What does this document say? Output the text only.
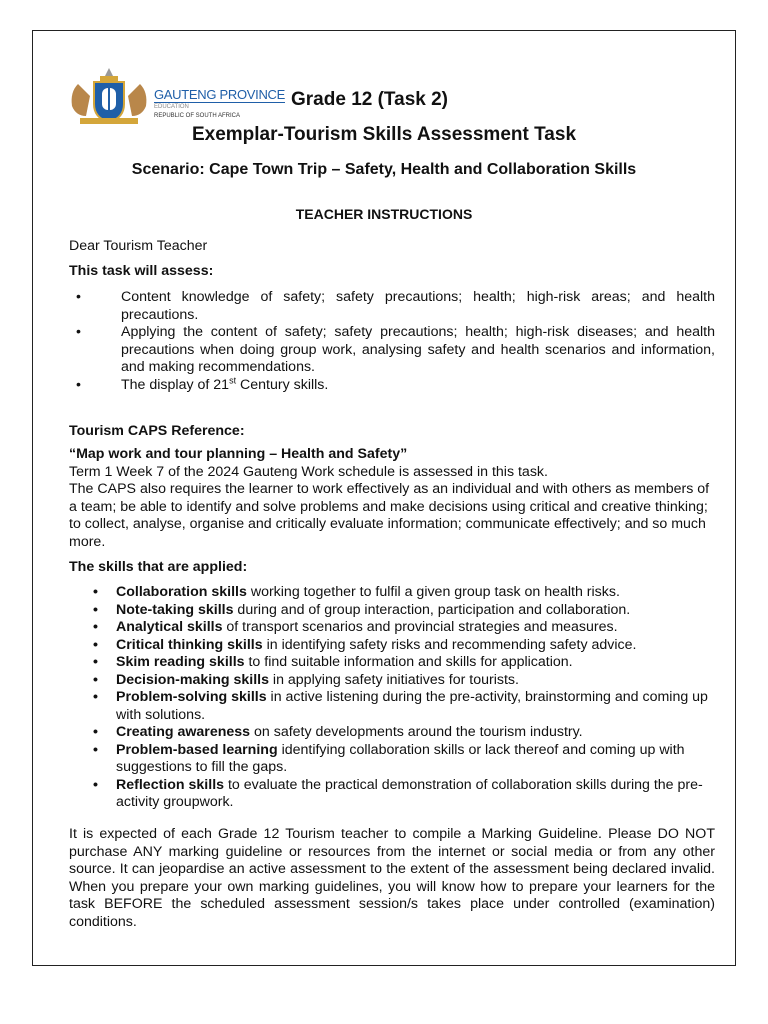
GAUTENG PROVINCE
EDUCATION
REPUBLIC OF SOUTH AFRICA
Grade 12 (Task 2)
Exemplar-Tourism Skills Assessment Task
Scenario: Cape Town Trip – Safety, Health and Collaboration Skills
TEACHER INSTRUCTIONS
Dear Tourism Teacher
This task will assess:
• Content knowledge of safety; safety precautions; health; high-risk areas; and health precautions.
• Applying the content of safety; safety precautions; health; high-risk diseases; and health precautions when doing group work, analysing safety and health scenarios and information, and making recommendations.
• The display of 21st Century skills.
Tourism CAPS Reference:
“Map work and tour planning – Health and Safety”
Term 1 Week 7 of the 2024 Gauteng Work schedule is assessed in this task.
The CAPS also requires the learner to work effectively as an individual and with others as members of a team; be able to identify and solve problems and make decisions using critical and creative thinking; to collect, analyse, organise and critically evaluate information; communicate effectively; and so much more.
The skills that are applied:
• Collaboration skills working together to fulfil a given group task on health risks.
• Note-taking skills during and of group interaction, participation and collaboration.
• Analytical skills of transport scenarios and provincial strategies and measures.
• Critical thinking skills in identifying safety risks and recommending safety advice.
• Skim reading skills to find suitable information and skills for application.
• Decision-making skills in applying safety initiatives for tourists.
• Problem-solving skills in active listening during the pre-activity, brainstorming and coming up with solutions.
• Creating awareness on safety developments around the tourism industry.
• Problem-based learning identifying collaboration skills or lack thereof and coming up with suggestions to fill the gaps.
• Reflection skills to evaluate the practical demonstration of collaboration skills during the pre-activity groupwork.
It is expected of each Grade 12 Tourism teacher to compile a Marking Guideline. Please DO NOT purchase ANY marking guideline or resources from the internet or social media or from any other source. It can jeopardise an active assessment to the extent of the assessment being declared invalid. When you prepare your own marking guidelines, you will know how to prepare your learners for the task BEFORE the scheduled assessment session/s takes place under controlled (examination) conditions.
